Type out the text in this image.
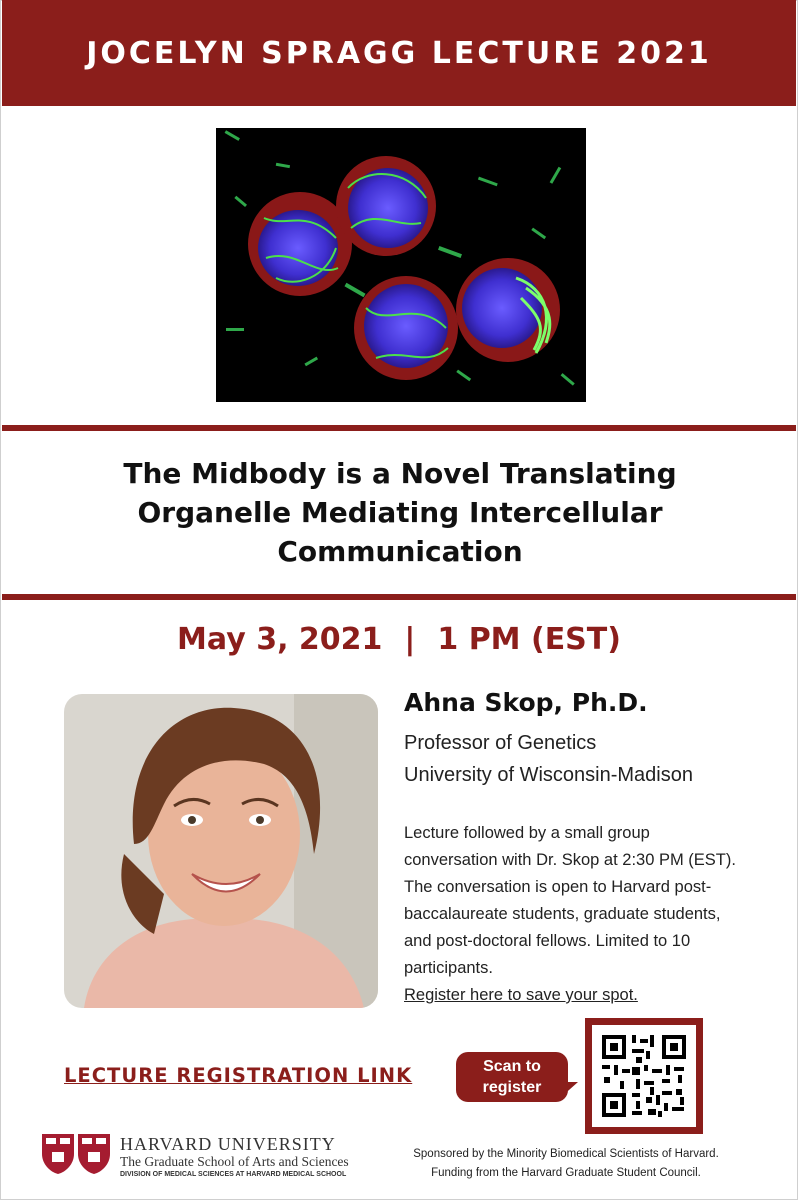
JOCELYN SPRAGG LECTURE 2021
The Midbody is a Novel Translating Organelle Mediating Intercellular Communication
May 3, 2021 | 1 PM (EST)
Ahna Skop, Ph.D.
Professor of Genetics
University of Wisconsin-Madison
Lecture followed by a small group conversation with Dr. Skop at 2:30 PM (EST). The conversation is open to Harvard post-baccalaureate students, graduate students, and post-doctoral fellows. Limited to 10 participants.
Register here to save your spot.
LECTURE REGISTRATION LINK	Scan to
register
HARVARD UNIVERSITY
The Graduate School of Arts and Sciences
DIVISION OF MEDICAL SCIENCES AT HARVARD MEDICAL SCHOOL
Sponsored by the Minority Biomedical Scientists of Harvard.
Funding from the Harvard Graduate Student Council.
